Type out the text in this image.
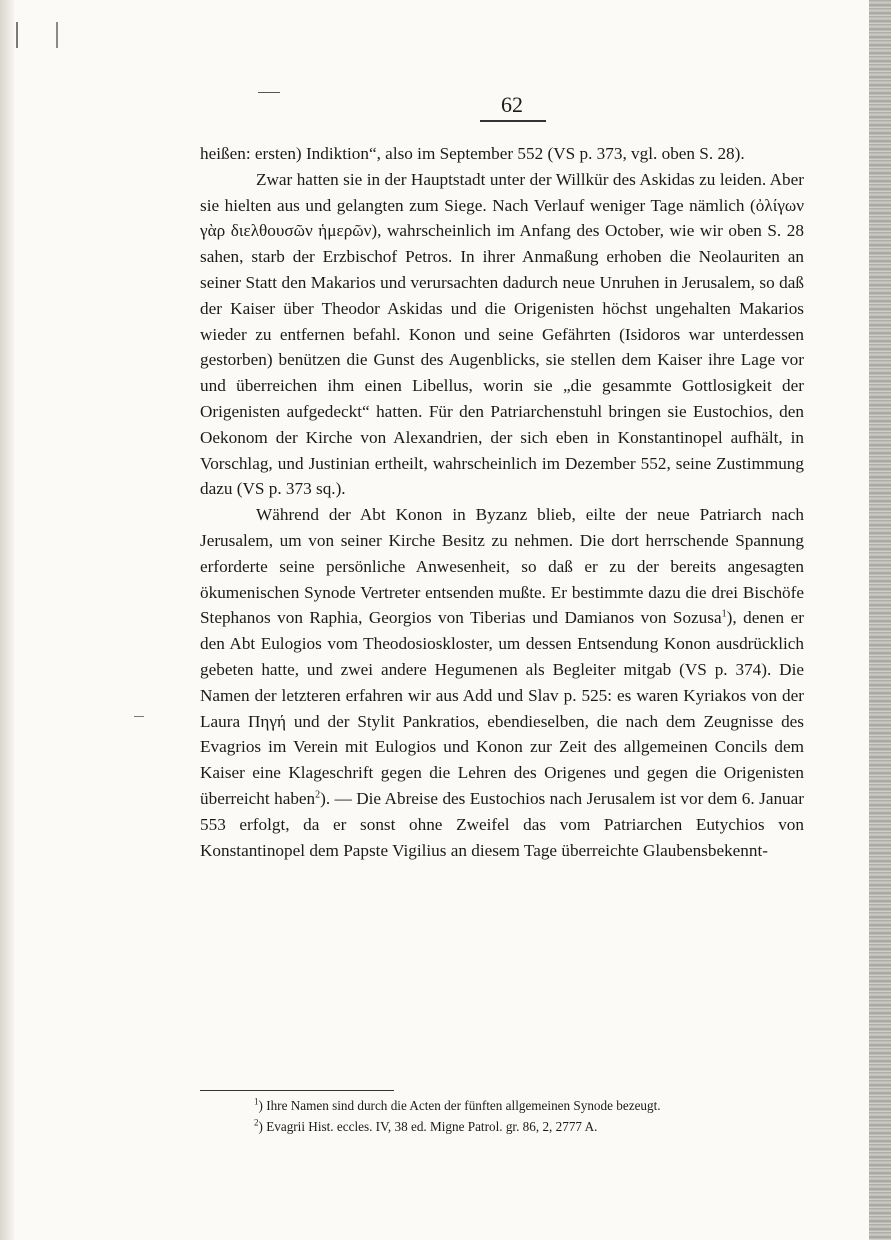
62

heißen: ersten) Indiktion“, also im September 552 (VS p. 373, vgl. oben S. 28).

Zwar hatten sie in der Hauptstadt unter der Willkür des Askidas zu leiden. Aber sie hielten aus und gelangten zum Siege. Nach Verlauf weniger Tage nämlich (ὀλίγων γὰρ διελθουσῶν ἡμερῶν), wahrscheinlich im Anfang des October, wie wir oben S. 28 sahen, starb der Erzbischof Petros. In ihrer Anmaßung erhoben die Neolauriten an seiner Statt den Makarios und verursachten dadurch neue Unruhen in Jerusalem, so daß der Kaiser über Theodor Askidas und die Origenisten höchst ungehalten Makarios wieder zu entfernen befahl. Konon und seine Gefährten (Isidoros war unterdessen gestorben) benützen die Gunst des Augenblicks, sie stellen dem Kaiser ihre Lage vor und überreichen ihm einen Libellus, worin sie „die gesammte Gottlosigkeit der Origenisten aufgedeckt“ hatten. Für den Patriarchenstuhl bringen sie Eustochios, den Oekonom der Kirche von Alexandrien, der sich eben in Konstantinopel aufhält, in Vorschlag, und Justinian ertheilt, wahrscheinlich im Dezember 552, seine Zustimmung dazu (VS p. 373 sq.).

Während der Abt Konon in Byzanz blieb, eilte der neue Patriarch nach Jerusalem, um von seiner Kirche Besitz zu nehmen. Die dort herrschende Spannung erforderte seine persönliche Anwesenheit, so daß er zu der bereits angesagten ökumenischen Synode Vertreter entsenden mußte. Er bestimmte dazu die drei Bischöfe Stephanos von Raphia, Georgios von Tiberias und Damianos von Sozusa$^1$), denen er den Abt Eulogios vom Theodosioskloster, um dessen Entsendung Konon ausdrücklich gebeten hatte, und zwei andere Hegumenen als Begleiter mitgab (VS p. 374). Die Namen der letzteren erfahren wir aus Add und Slav p. 525: es waren Kyriakos von der Laura Πηγή und der Stylit Pankratios, ebendieselben, die nach dem Zeugnisse des Evagrios im Verein mit Eulogios und Konon zur Zeit des allgemeinen Concils dem Kaiser eine Klageschrift gegen die Lehren des Origenes und gegen die Origenisten überreicht haben$^2$). — Die Abreise des Eustochios nach Jerusalem ist vor dem 6. Januar 553 erfolgt, da er sonst ohne Zweifel das vom Patriarchen Eutychios von Konstantinopel dem Papste Vigilius an diesem Tage überreichte Glaubensbekennt-

$^1$) Ihre Namen sind durch die Acten der fünften allgemeinen Synode bezeugt.

$^2$) Evagrii Hist. eccles. IV, 38 ed. Migne Patrol. gr. 86, 2, 2777 A.
